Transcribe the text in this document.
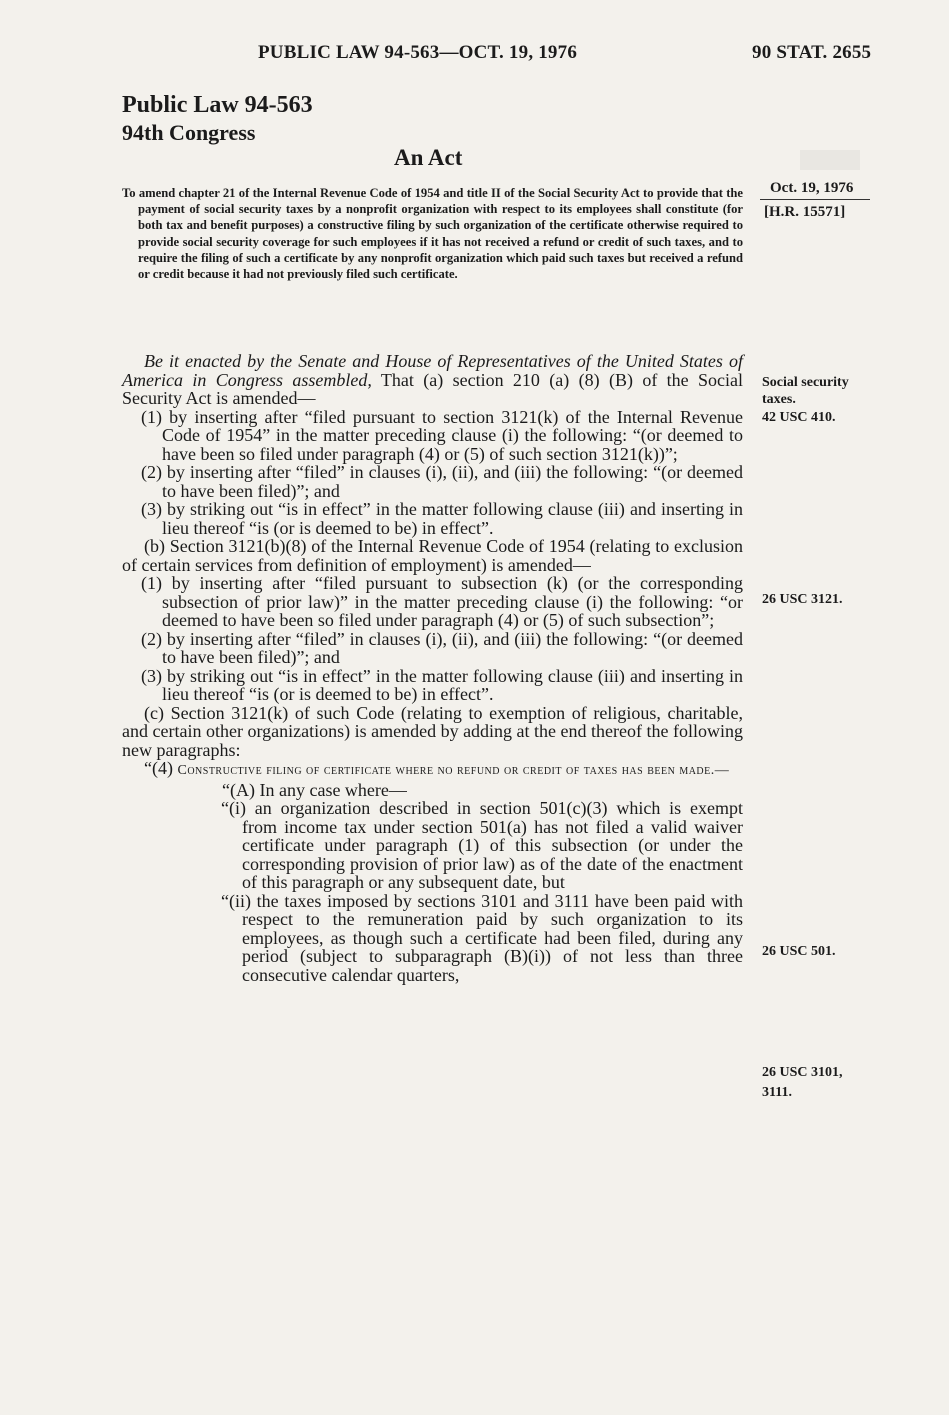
PUBLIC LAW 94-563—OCT. 19, 1976	90 STAT. 2655
Public Law 94-563
94th Congress
An Act
To amend chapter 21 of the Internal Revenue Code of 1954 and title II of the Social Security Act to provide that the payment of social security taxes by a nonprofit organization with respect to its employees shall constitute (for both tax and benefit purposes) a constructive filing by such organization of the certificate otherwise required to provide social security coverage for such employees if it has not received a refund or credit of such taxes, and to require the filing of such a certificate by any nonprofit organization which paid such taxes but received a refund or credit because it had not previously filed such certificate.
Oct. 19, 1976
[H.R. 15571]
Social security
taxes.
42 USC 410.
26 USC 3121.
26 USC 501.
26 USC 3101,
3111.

Be it enacted by the Senate and House of Representatives of the United States of America in Congress assembled, That (a) section 210 (a) (8) (B) of the Social Security Act is amended—

(1) by inserting after “filed pursuant to section 3121(k) of the Internal Revenue Code of 1954” in the matter preceding clause (i) the following: “(or deemed to have been so filed under paragraph (4) or (5) of such section 3121(k))”;

(2) by inserting after “filed” in clauses (i), (ii), and (iii) the following: “(or deemed to have been filed)”; and

(3) by striking out “is in effect” in the matter following clause (iii) and inserting in lieu thereof “is (or is deemed to be) in effect”.

(b) Section 3121(b)(8) of the Internal Revenue Code of 1954 (relating to exclusion of certain services from definition of employment) is amended—

(1) by inserting after “filed pursuant to subsection (k) (or the corresponding subsection of prior law)” in the matter preceding clause (i) the following: “or deemed to have been so filed under paragraph (4) or (5) of such subsection”;

(2) by inserting after “filed” in clauses (i), (ii), and (iii) the following: “(or deemed to have been filed)”; and

(3) by striking out “is in effect” in the matter following clause (iii) and inserting in lieu thereof “is (or is deemed to be) in effect”.

(c) Section 3121(k) of such Code (relating to exemption of religious, charitable, and certain other organizations) is amended by adding at the end thereof the following new paragraphs:

“(4) Constructive filing of certificate where no refund or credit of taxes has been made.—

“(A) In any case where—

“(i) an organization described in section 501(c)(3) which is exempt from income tax under section 501(a) has not filed a valid waiver certificate under paragraph (1) of this subsection (or under the corresponding provision of prior law) as of the date of the enactment of this paragraph or any subsequent date, but

“(ii) the taxes imposed by sections 3101 and 3111 have been paid with respect to the remuneration paid by such organization to its employees, as though such a certificate had been filed, during any period (subject to subparagraph (B)(i)) of not less than three consecutive calendar quarters,
